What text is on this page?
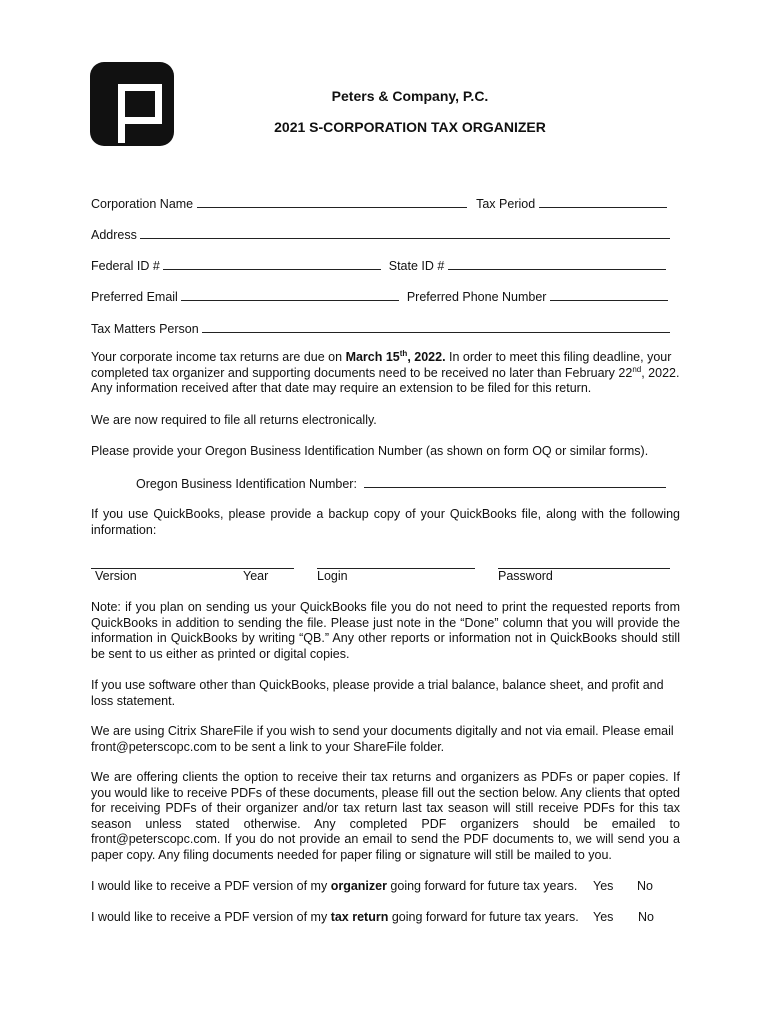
Peters & Company, P.C.
2021 S-CORPORATION TAX ORGANIZER
Corporation Name	Tax Period
Address
Federal ID #	State ID #
Preferred Email	Preferred Phone Number
Tax Matters Person
Your corporate income tax returns are due on March 15th, 2022. In order to meet this filing deadline, your completed tax organizer and supporting documents need to be received no later than February 22nd, 2022. Any information received after that date may require an extension to be filed for this return.
We are now required to file all returns electronically.
Please provide your Oregon Business Identification Number (as shown on form OQ or similar forms).
Oregon Business Identification Number:
If you use QuickBooks, please provide a backup copy of your QuickBooks file, along with the following information:
Version	Year	Login	Password
Note: if you plan on sending us your QuickBooks file you do not need to print the requested reports from QuickBooks in addition to sending the file. Please just note in the “Done” column that you will provide the information in QuickBooks by writing “QB.” Any other reports or information not in QuickBooks should still be sent to us either as printed or digital copies.
If you use software other than QuickBooks, please provide a trial balance, balance sheet, and profit and loss statement.
We are using Citrix ShareFile if you wish to send your documents digitally and not via email. Please email front@peterscopc.com to be sent a link to your ShareFile folder.
We are offering clients the option to receive their tax returns and organizers as PDFs or paper copies. If you would like to receive PDFs of these documents, please fill out the section below. Any clients that opted for receiving PDFs of their organizer and/or tax return last tax season will still receive PDFs for this tax season unless stated otherwise. Any completed PDF organizers should be emailed to front@peterscopc.com. If you do not provide an email to send the PDF documents to, we will send you a paper copy. Any filing documents needed for paper filing or signature will still be mailed to you.
I would like to receive a PDF version of my organizer going forward for future tax years. Yes No
I would like to receive a PDF version of my tax return going forward for future tax years. Yes No
